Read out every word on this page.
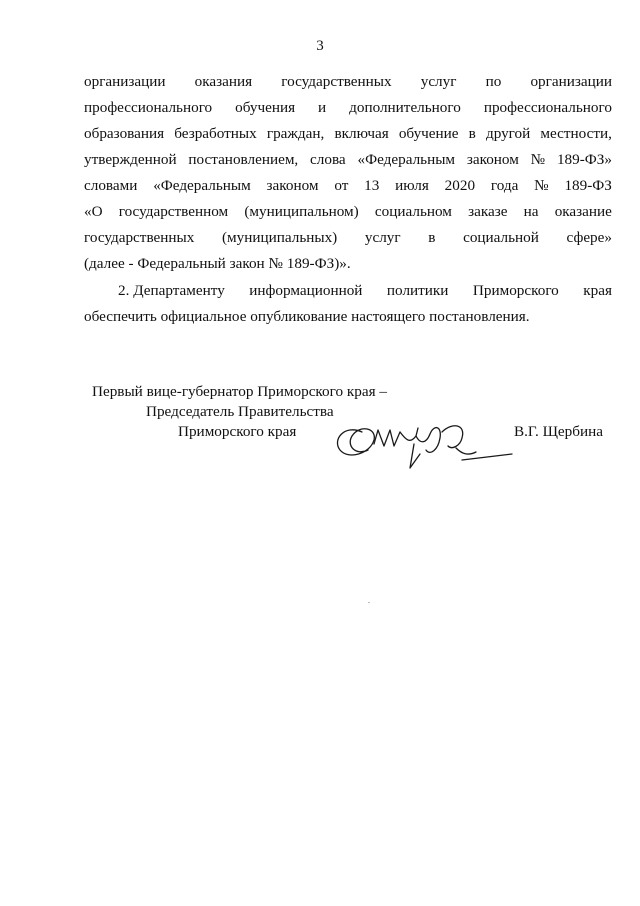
3
организации оказания государственных услуг по организации
профессионального обучения и дополнительного профессионального
образования безработных граждан, включая обучение в другой местности,
утвержденной постановлением, слова «Федеральным законом № 189-ФЗ»
словами «Федеральным законом от 13 июля 2020 года № 189-ФЗ
«О государственном (муниципальном) социальном заказе на оказание
государственных (муниципальных) услуг в социальной сфере»
(далее - Федеральный закон № 189-ФЗ)».
2. Департаменту информационной политики Приморского края
обеспечить официальное опубликование настоящего постановления.
Первый вице-губернатор Приморского края –
Председатель Правительства
Приморского края	В.Г. Щербина
